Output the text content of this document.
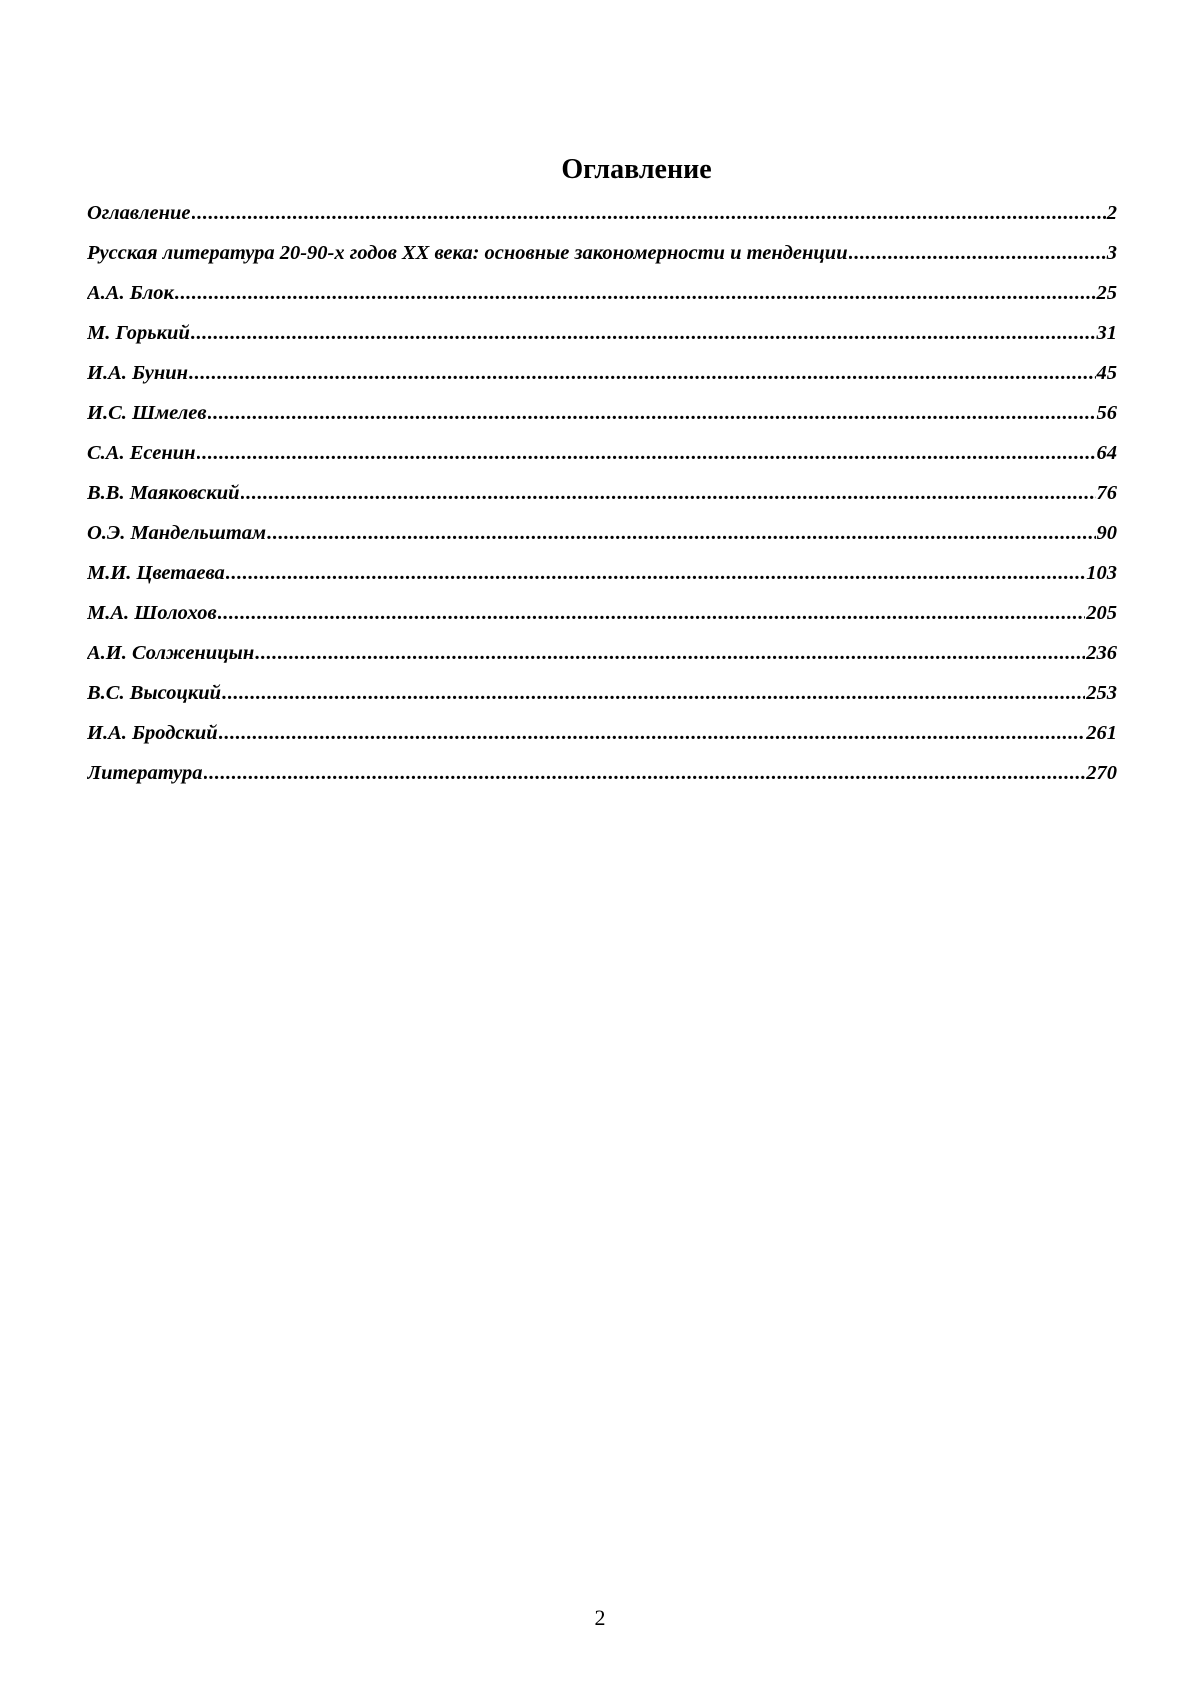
Оглавление
Оглавление .....	2
Русская литература 20-90-х годов XX века: основные закономерности и тенденции .....	3
А.А. Блок .....	25
М. Горький .....	31
И.А. Бунин .....	45
И.С. Шмелев .....	56
С.А. Есенин .....	64
В.В. Маяковский .....	76
О.Э. Мандельштам .....	90
М.И. Цветаева .....	103
М.А. Шолохов .....	205
А.И. Солженицын .....	236
В.С. Высоцкий .....	253
И.А. Бродский .....	261
Литература .....	270
2
